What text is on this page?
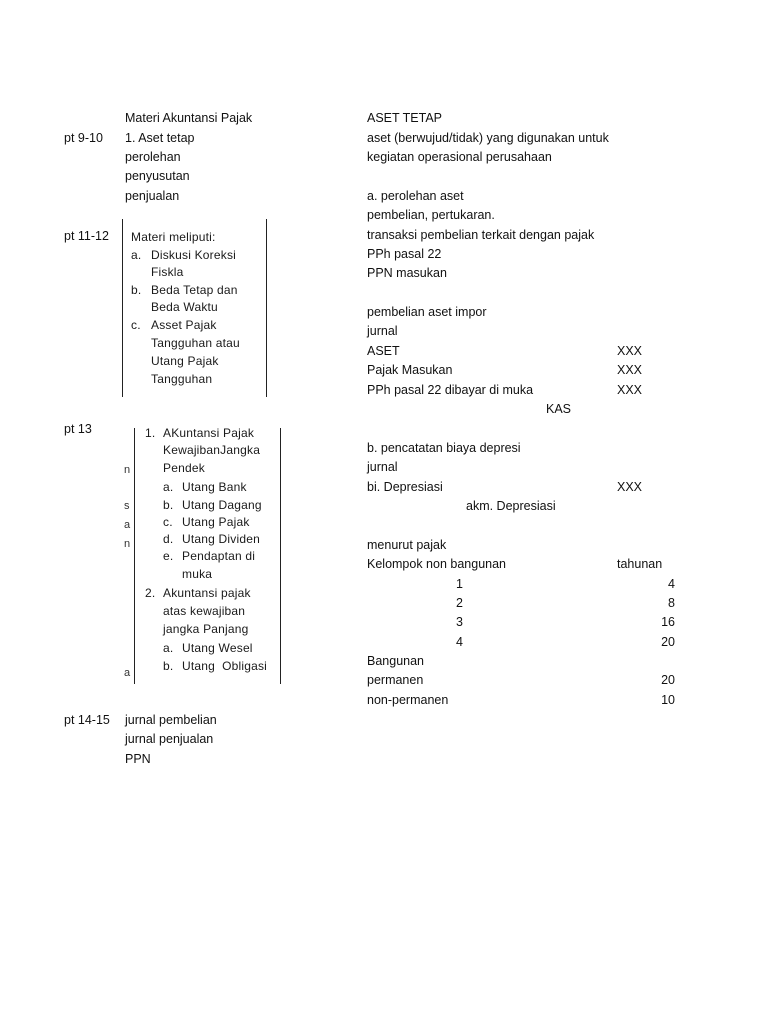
Materi Akuntansi Pajak
pt 9-10 1. Aset tetap
perolehan
penyusutan
penjualan
pt 11-12 Materi meliputi:
a. Diskusi Koreksi
Fiskla
b. Beda Tetap dan
Beda Waktu
c. Asset Pajak
Tangguhan atau
Utang Pajak
Tangguhan
pt 13
n
s
a
n
a
1. AKuntansi Pajak
KewajibanJangka
Pendek
a. Utang Bank
b. Utang Dagang
c. Utang Pajak
d. Utang Dividen
e. Pendaptan di
muka
2. Akuntansi pajak
atas kewajiban
jangka Panjang
a. Utang Wesel
b. Utang  Obligasi
pt 14-15 jurnal pembelian
jurnal penjualan
PPN
ASET TETAP
aset (berwujud/tidak) yang digunakan untuk
kegiatan operasional perusahaan
a. perolehan aset
pembelian, pertukaran.
transaksi pembelian terkait dengan pajak
PPh pasal 22
PPN masukan
pembelian aset impor
jurnal
ASET	XXX
Pajak Masukan	XXX
PPh pasal 22 dibayar di muka	XXX
KAS
b. pencatatan biaya depresi
jurnal
bi. Depresiasi	XXX
akm. Depresiasi
menurut pajak
Kelompok non bangunan	tahunan
1	4
2	8
3	16
4	20
Bangunan
permanen	20
non-permanen	10
